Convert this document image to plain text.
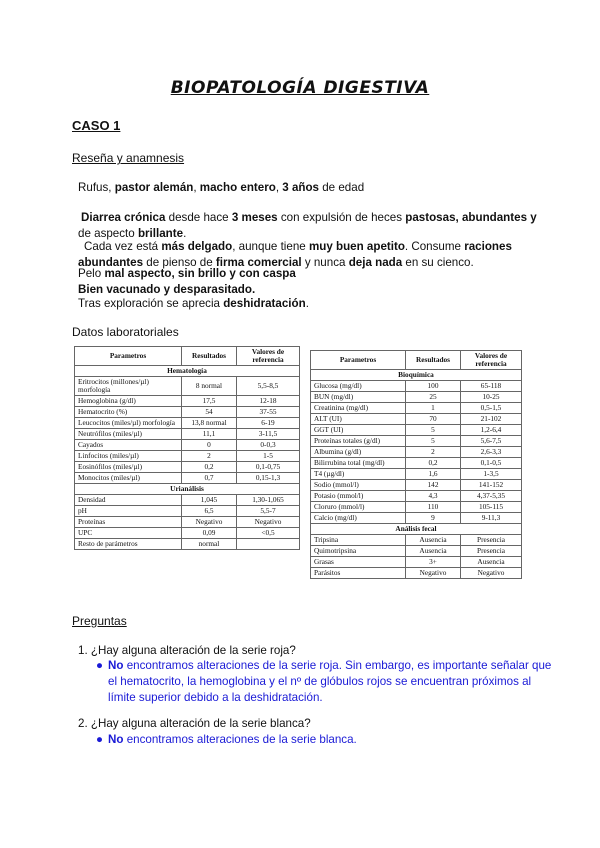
BIOPATOLOGÍA DIGESTIVA
CASO 1
Reseña y anamnesis
Rufus, pastor alemán, macho entero, 3 años de edad
Diarrea crónica desde hace 3 meses con expulsión de heces pastosas, abundantes y
de aspecto brillante.
Cada vez está más delgado, aunque tiene muy buen apetito. Consume raciones
abundantes de pienso de firma comercial y nunca deja nada en su cienco.
Pelo mal aspecto, sin brillo y con caspa
Bien vacunado y desparasitado.
Tras exploración se aprecia deshidratación.
Datos laboratoriales
Parametros	Resultados	Valores de referencia
Hematología		
Eritrocitos (millones/µl) morfología	8 normal	5,5-8,5
Hemoglobina (g/dl)	17,5	12-18
Hematocrito (%)	54	37-55
Leucocitos (miles/µl) morfología	13,8 normal	6-19
Neutrófilos (miles/µl)	11,1	3-11,5
Cayados	0	0-0,3
Linfocitos (miles/µl)	2	1-5
Eosinófilos (miles/µl)	0,2	0,1-0,75
Monocitos (miles/µl)	0,7	0,15-1,3
Urianálisis		
Densidad	1,045	1,30-1,065
pH	6,5	5,5-7
Proteínas	Negativo	Negativo
UPC	0,09	<0,5
Resto de parámetros	normal	
Parametros	Resultados	Valores de referencia
Bioquímica		
Glucosa (mg/dl)	100	65-118
BUN (mg/dl)	25	10-25
Creatinina (mg/dl)	1	0,5-1,5
ALT (UI)	70	21-102
GGT (UI)	5	1,2-6,4
Proteínas totales (g/dl)	5	5,6-7,5
Albumina (g/dl)	2	2,6-3,3
Bilirrubina total (mg/dl)	0,2	0,1-0,5
T4 (µg/dl)	1,6	1-3,5
Sodio (mmol/l)	142	141-152
Potasio (mmol/l)	4,3	4,37-5,35
Cloruro (mmol/l)	110	105-115
Calcio (mg/dl)	9	9-11,3
Análisis fecal		
Tripsina	Ausencia	Presencia
Quimotripsina	Ausencia	Presencia
Grasas	3+	Ausencia
Parásitos	Negativo	Negativo
Preguntas
1. ¿Hay alguna alteración de la serie roja?
● No encontramos alteraciones de la serie roja. Sin embargo, es importante señalar que el hematocrito, la hemoglobina y el nº de glóbulos rojos se encuentran próximos al límite superior debido a la deshidratación.
2. ¿Hay alguna alteración de la serie blanca?
● No encontramos alteraciones de la serie blanca.
